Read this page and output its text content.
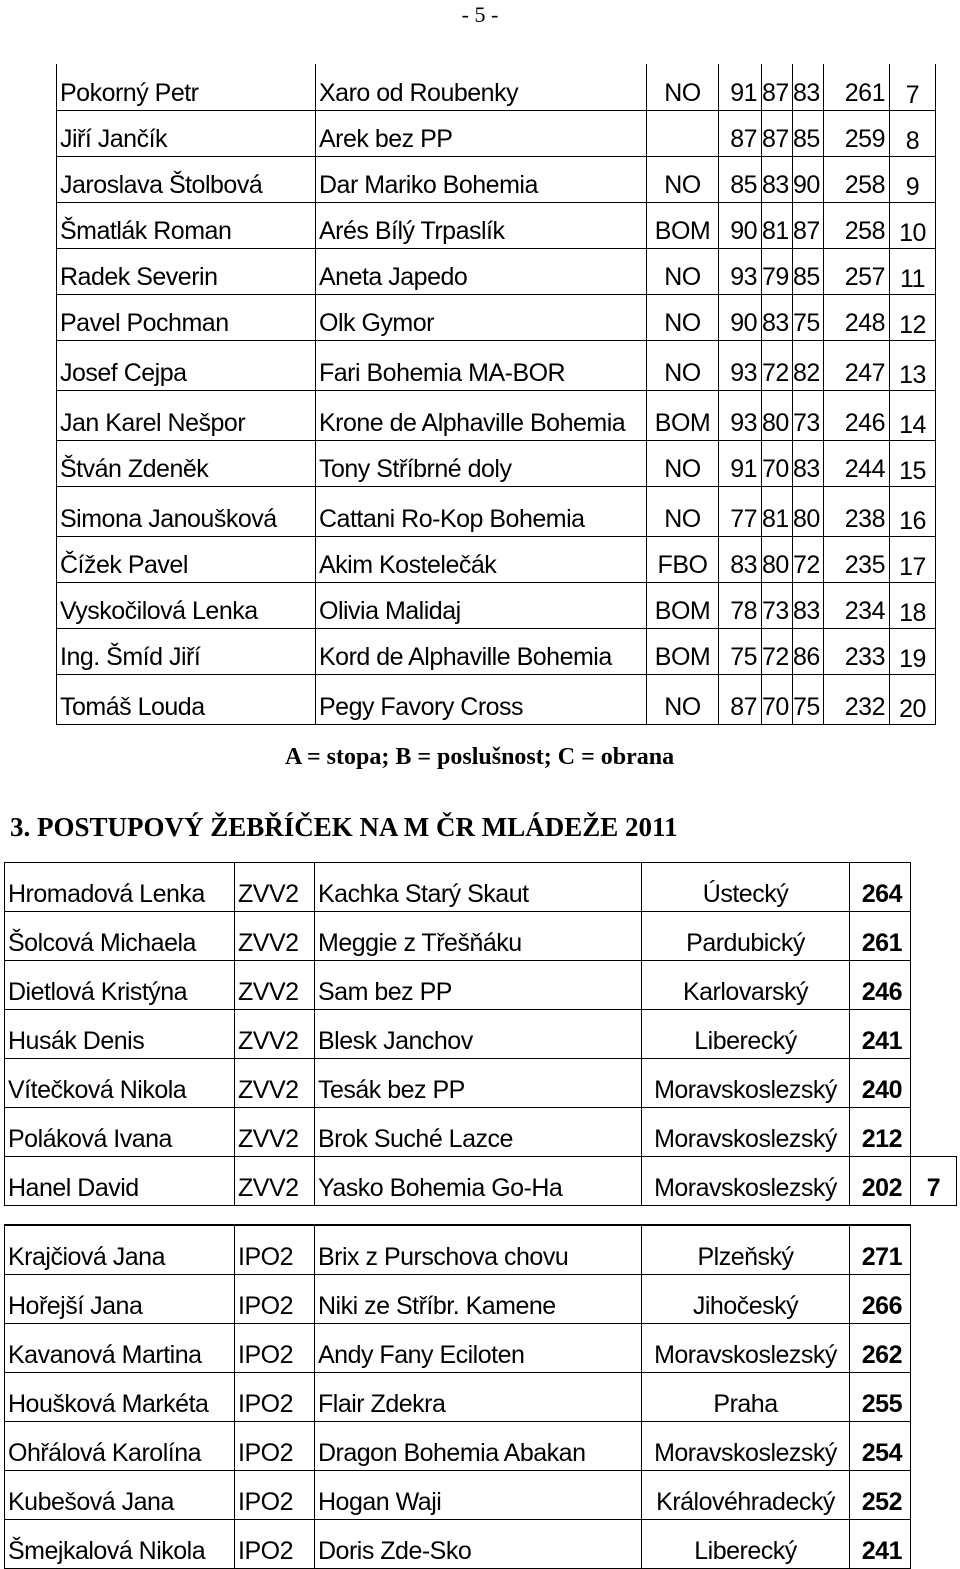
- 5 -
Pokorný Petr	Xaro od Roubenky	NO	91	87	83	261	7
Jiří Jančík	Arek bez PP		87	87	85	259	8
Jaroslava Štolbová	Dar Mariko Bohemia	NO	85	83	90	258	9
Šmatlák Roman	Arés Bílý Trpaslík	BOM	90	81	87	258	10
Radek Severin	Aneta Japedo	NO	93	79	85	257	11
Pavel Pochman	Olk Gymor	NO	90	83	75	248	12
Josef Cejpa	Fari Bohemia MA-BOR	NO	93	72	82	247	13
Jan Karel Nešpor	Krone de Alphaville Bohemia	BOM	93	80	73	246	14
Štván Zdeněk	Tony Stříbrné doly	NO	91	70	83	244	15
Simona Janoušková	Cattani Ro-Kop Bohemia	NO	77	81	80	238	16
Čížek Pavel	Akim Kostelečák	FBO	83	80	72	235	17
Vyskočilová Lenka	Olivia Malidaj	BOM	78	73	83	234	18
Ing. Šmíd Jiří	Kord de Alphaville Bohemia	BOM	75	72	86	233	19
Tomáš Louda	Pegy Favory Cross	NO	87	70	75	232	20
A = stopa; B = poslušnost; C = obrana
3. POSTUPOVÝ ŽEBŘÍČEK NA M ČR MLÁDEŽE 2011
Hromadová Lenka	ZVV2	Kachka Starý Skaut	Ústecký	264	
Šolcová Michaela	ZVV2	Meggie z Třešňáku	Pardubický	261	
Dietlová Kristýna	ZVV2	Sam bez PP	Karlovarský	246	
Husák Denis	ZVV2	Blesk Janchov	Liberecký	241	
Vítečková Nikola	ZVV2	Tesák bez PP	Moravskoslezský	240	
Poláková Ivana	ZVV2	Brok Suché Lazce	Moravskoslezský	212	
Hanel David	ZVV2	Yasko Bohemia Go-Ha	Moravskoslezský	202	7
Krajčiová Jana	IPO2	Brix z Purschova chovu	Plzeňský	271
Hořejší Jana	IPO2	Niki ze Stříbr. Kamene	Jihočeský	266
Kavanová Martina	IPO2	Andy Fany Eciloten	Moravskoslezský	262
Houšková Markéta	IPO2	Flair Zdekra	Praha	255
Ohřálová Karolína	IPO2	Dragon Bohemia Abakan	Moravskoslezský	254
Kubešová Jana	IPO2	Hogan Waji	Královéhradecký	252
Šmejkalová Nikola	IPO2	Doris Zde-Sko	Liberecký	241
